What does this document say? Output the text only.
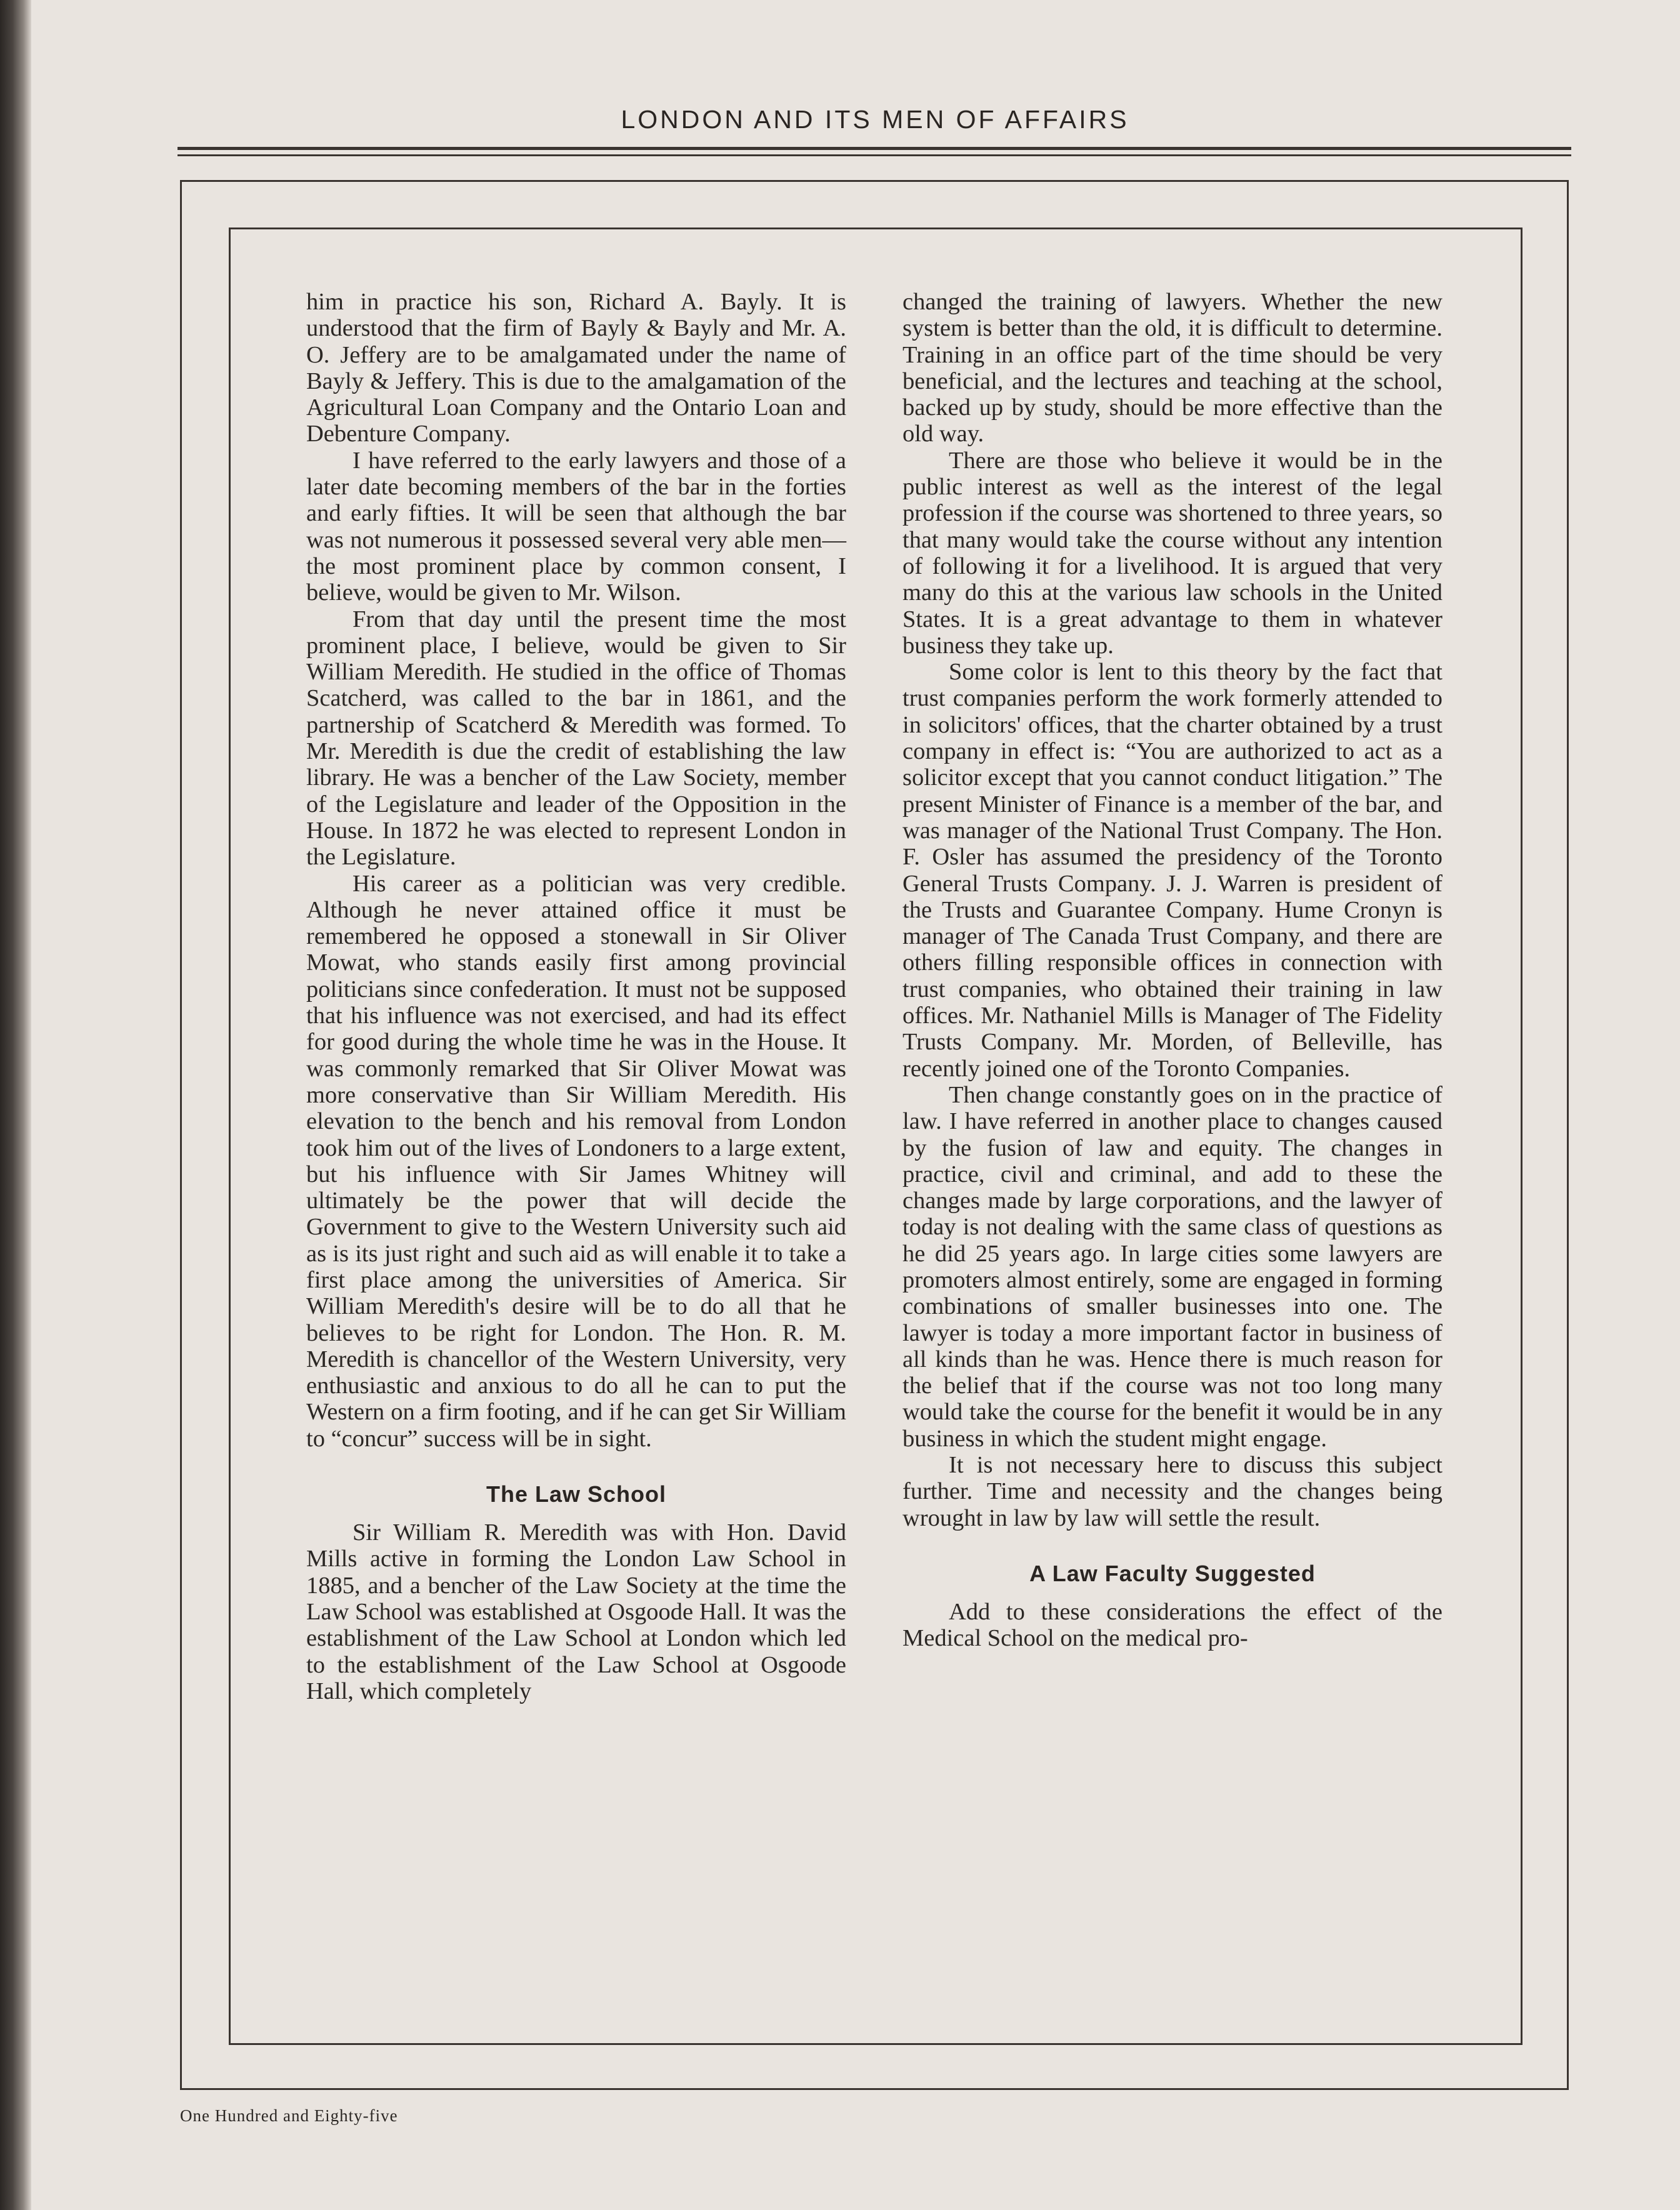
LONDON AND ITS MEN OF AFFAIRS

him in practice his son, Richard A. Bayly. It is understood that the firm of Bayly & Bayly and Mr. A. O. Jeffery are to be amalgamated under the name of Bayly & Jeffery. This is due to the amalgamation of the Agricultural Loan Company and the Ontario Loan and Debenture Company.

I have referred to the early lawyers and those of a later date becoming members of the bar in the forties and early fifties. It will be seen that although the bar was not numerous it possessed several very able men—the most prominent place by common consent, I believe, would be given to Mr. Wilson.

From that day until the present time the most prominent place, I believe, would be given to Sir William Meredith. He studied in the office of Thomas Scatcherd, was called to the bar in 1861, and the partnership of Scatcherd & Meredith was formed. To Mr. Meredith is due the credit of establishing the law library. He was a bencher of the Law Society, member of the Legislature and leader of the Opposition in the House. In 1872 he was elected to represent London in the Legislature.

His career as a politician was very credible. Although he never attained office it must be remembered he opposed a stonewall in Sir Oliver Mowat, who stands easily first among provincial politicians since confederation. It must not be supposed that his influence was not exercised, and had its effect for good during the whole time he was in the House. It was commonly remarked that Sir Oliver Mowat was more conservative than Sir William Meredith. His elevation to the bench and his removal from London took him out of the lives of Londoners to a large extent, but his influence with Sir James Whitney will ultimately be the power that will decide the Government to give to the Western University such aid as is its just right and such aid as will enable it to take a first place among the universities of America. Sir William Meredith's desire will be to do all that he believes to be right for London. The Hon. R. M. Meredith is chancellor of the Western University, very enthusiastic and anxious to do all he can to put the Western on a firm footing, and if he can get Sir William to “concur” success will be in sight.

The Law School

Sir William R. Meredith was with Hon. David Mills active in forming the London Law School in 1885, and a bencher of the Law Society at the time the Law School was established at Osgoode Hall. It was the establishment of the Law School at London which led to the establishment of the Law School at Osgoode Hall, which completely

changed the training of lawyers. Whether the new system is better than the old, it is difficult to determine. Training in an office part of the time should be very beneficial, and the lectures and teaching at the school, backed up by study, should be more effective than the old way.

There are those who believe it would be in the public interest as well as the interest of the legal profession if the course was shortened to three years, so that many would take the course without any intention of following it for a livelihood. It is argued that very many do this at the various law schools in the United States. It is a great advantage to them in whatever business they take up.

Some color is lent to this theory by the fact that trust companies perform the work formerly attended to in solicitors' offices, that the charter obtained by a trust company in effect is: “You are authorized to act as a solicitor except that you cannot conduct litigation.” The present Minister of Finance is a member of the bar, and was manager of the National Trust Company. The Hon. F. Osler has assumed the presidency of the Toronto General Trusts Company. J. J. Warren is president of the Trusts and Guarantee Company. Hume Cronyn is manager of The Canada Trust Company, and there are others filling responsible offices in connection with trust companies, who obtained their training in law offices. Mr. Nathaniel Mills is Manager of The Fidelity Trusts Company. Mr. Morden, of Belleville, has recently joined one of the Toronto Companies.

Then change constantly goes on in the practice of law. I have referred in another place to changes caused by the fusion of law and equity. The changes in practice, civil and criminal, and add to these the changes made by large corporations, and the lawyer of today is not dealing with the same class of questions as he did 25 years ago. In large cities some lawyers are promoters almost entirely, some are engaged in forming combinations of smaller businesses into one. The lawyer is today a more important factor in business of all kinds than he was. Hence there is much reason for the belief that if the course was not too long many would take the course for the benefit it would be in any business in which the student might engage.

It is not necessary here to discuss this subject further. Time and necessity and the changes being wrought in law by law will settle the result.

A Law Faculty Suggested

Add to these considerations the effect of the Medical School on the medical pro-

One Hundred and Eighty-five
